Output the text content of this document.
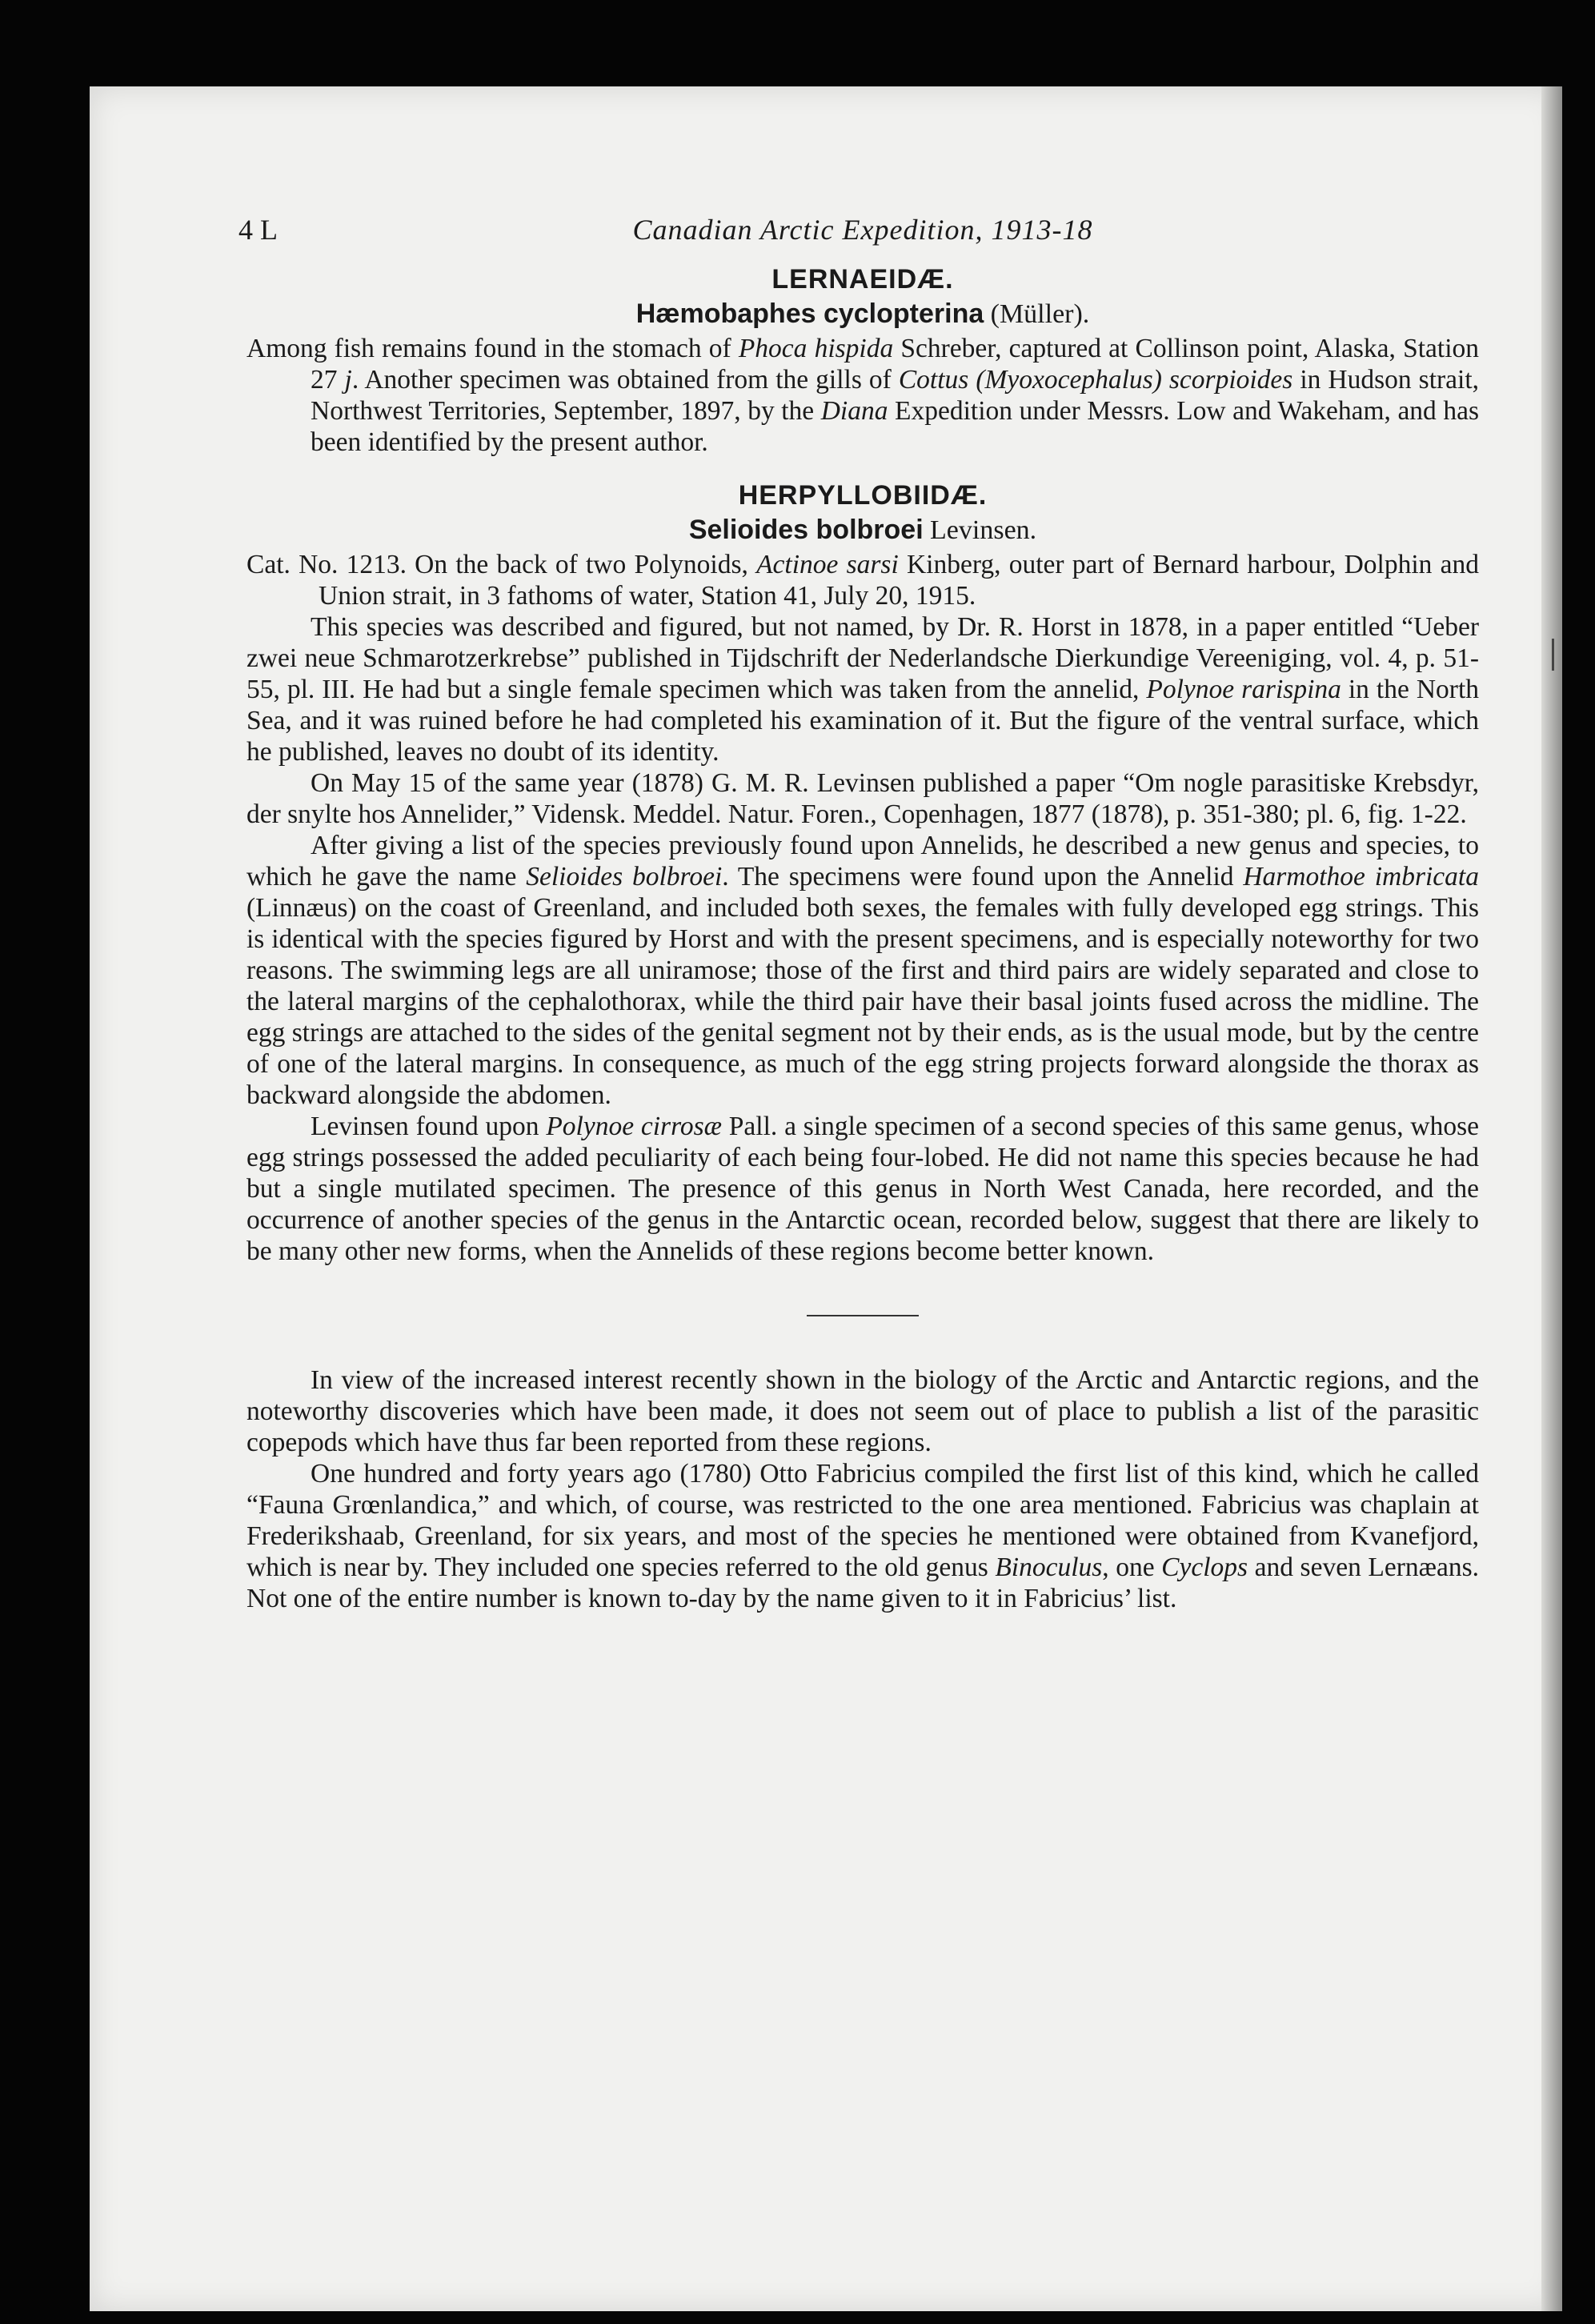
4 L	Canadian Arctic Expedition, 1913-18
LERNAEIDÆ.
Hæmobaphes cyclopterina (Müller).

Among fish remains found in the stomach of Phoca hispida Schreber, captured at Collinson point, Alaska, Station 27 j. Another specimen was obtained from the gills of Cottus (Myoxocephalus) scorpioides in Hudson strait, Northwest Territories, September, 1897, by the Diana Expedition under Messrs. Low and Wakeham, and has been identified by the present author.

HERPYLLOBIIDÆ.
Selioides bolbroei Levinsen.

Cat. No. 1213. On the back of two Polynoids, Actinoe sarsi Kinberg, outer part of Bernard harbour, Dolphin and Union strait, in 3 fathoms of water, Station 41, July 20, 1915.

This species was described and figured, but not named, by Dr. R. Horst in 1878, in a paper entitled “Ueber zwei neue Schmarotzerkrebse” published in Tijdschrift der Nederlandsche Dierkundige Vereeniging, vol. 4, p. 51-55, pl. III. He had but a single female specimen which was taken from the annelid, Polynoe rarispina in the North Sea, and it was ruined before he had completed his examination of it. But the figure of the ventral surface, which he published, leaves no doubt of its identity.

On May 15 of the same year (1878) G. M. R. Levinsen published a paper “Om nogle parasitiske Krebsdyr, der snylte hos Annelider,” Vidensk. Meddel. Natur. Foren., Copenhagen, 1877 (1878), p. 351-380; pl. 6, fig. 1-22.

After giving a list of the species previously found upon Annelids, he described a new genus and species, to which he gave the name Selioides bolbroei. The specimens were found upon the Annelid Harmothoe imbricata (Linnæus) on the coast of Greenland, and included both sexes, the females with fully developed egg strings. This is identical with the species figured by Horst and with the present specimens, and is especially noteworthy for two reasons. The swimming legs are all uniramose; those of the first and third pairs are widely separated and close to the lateral margins of the cephalothorax, while the third pair have their basal joints fused across the midline. The egg strings are attached to the sides of the genital segment not by their ends, as is the usual mode, but by the centre of one of the lateral margins. In consequence, as much of the egg string projects forward alongside the thorax as backward alongside the abdomen.

Levinsen found upon Polynoe cirrosæ Pall. a single specimen of a second species of this same genus, whose egg strings possessed the added peculiarity of each being four-lobed. He did not name this species because he had but a single mutilated specimen. The presence of this genus in North West Canada, here recorded, and the occurrence of another species of the genus in the Antarctic ocean, recorded below, suggest that there are likely to be many other new forms, when the Annelids of these regions become better known.

In view of the increased interest recently shown in the biology of the Arctic and Antarctic regions, and the noteworthy discoveries which have been made, it does not seem out of place to publish a list of the parasitic copepods which have thus far been reported from these regions.

One hundred and forty years ago (1780) Otto Fabricius compiled the first list of this kind, which he called “Fauna Grœnlandica,” and which, of course, was restricted to the one area mentioned. Fabricius was chaplain at Frederikshaab, Greenland, for six years, and most of the species he mentioned were obtained from Kvanefjord, which is near by. They included one species referred to the old genus Binoculus, one Cyclops and seven Lernæans. Not one of the entire number is known to-day by the name given to it in Fabricius’ list.
